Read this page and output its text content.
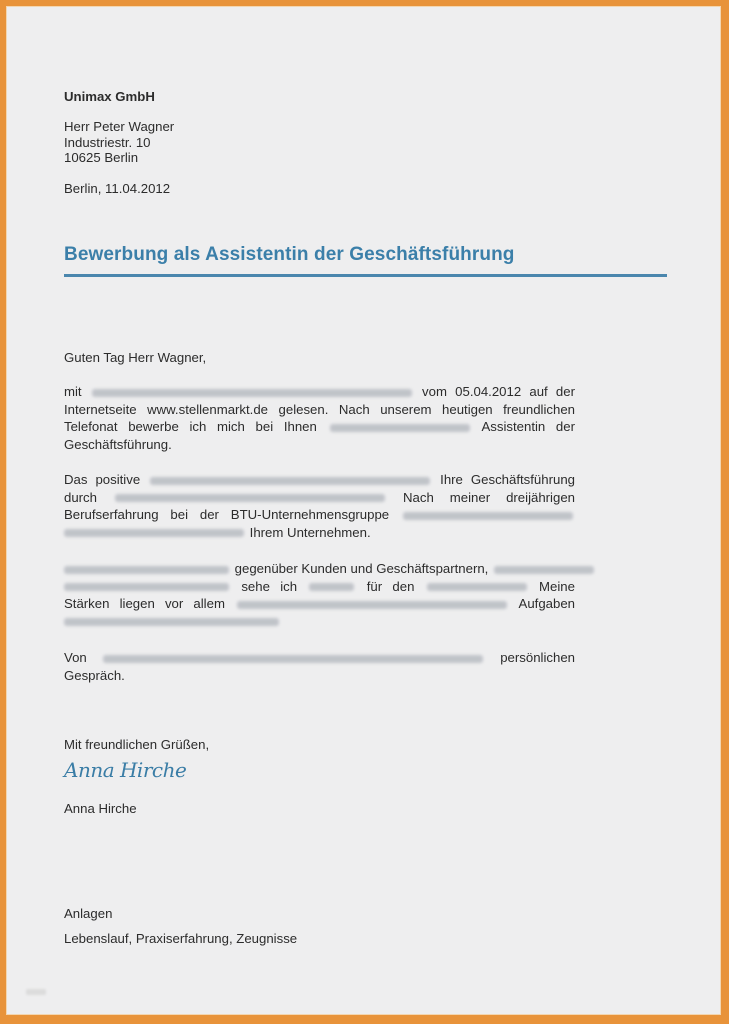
Unimax GmbH
Herr Peter Wagner
Industriestr. 10
10625 Berlin
Berlin, 11.04.2012
Bewerbung als Assistentin der Geschäftsführung
Guten Tag Herr Wagner,
mit	vom 05.04.2012 auf der
Internetseite www.stellenmarkt.de gelesen. Nach unserem heutigen freundlichen
Telefonat bewerbe ich mich bei Ihnen	Assistentin der
Geschäftsführung.
Das positive	Ihre Geschäftsführung
durch	Nach meiner dreijährigen
Berufserfahrung bei der BTU-Unternehmensgruppe
Ihrem Unternehmen.
gegenüber Kunden und Geschäftspartnern,
sehe ich	für den	Meine
Stärken liegen vor allem	Aufgaben
Von	persönlichen
Gespräch.
Mit freundlichen Grüßen,
Anna Hirche
Anna Hirche
Anlagen
Lebenslauf, Praxiserfahrung, Zeugnisse
